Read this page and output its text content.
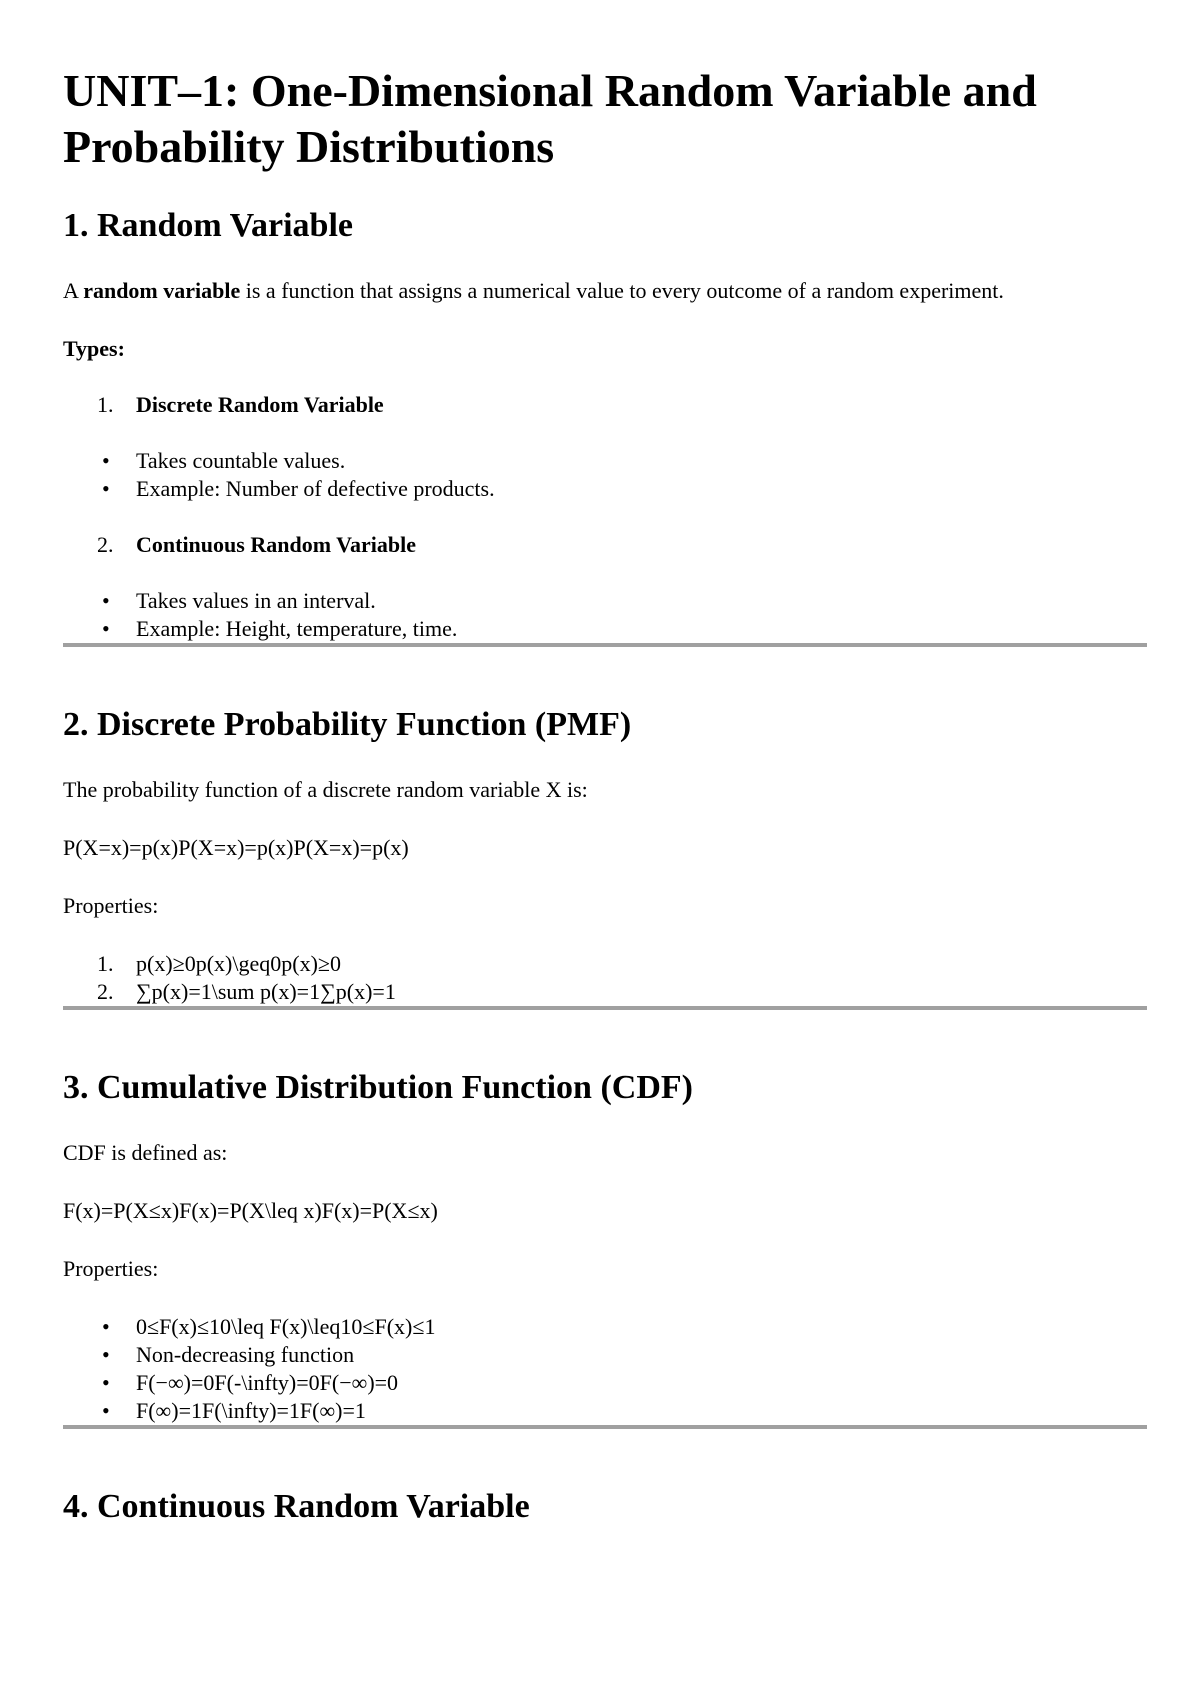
UNIT–1: One-Dimensional Random Variable and Probability Distributions
1. Random Variable

A random variable is a function that assigns a numerical value to every outcome of a random experiment.

Types:

1. Discrete Random Variable
• Takes countable values.
• Example: Number of defective products.
2. Continuous Random Variable
• Takes values in an interval.
• Example: Height, temperature, time.
2. Discrete Probability Function (PMF)

The probability function of a discrete random variable X is:

P(X=x)=p(x)P(X=x)=p(x)P(X=x)=p(x)

Properties:

1. p(x)≥0p(x)\geq0p(x)≥0
2. ∑p(x)=1\sum p(x)=1∑p(x)=1
3. Cumulative Distribution Function (CDF)

CDF is defined as:

F(x)=P(X≤x)F(x)=P(X\leq x)F(x)=P(X≤x)

Properties:

• 0≤F(x)≤10\leq F(x)\leq10≤F(x)≤1
• Non-decreasing function
• F(−∞)=0F(-\infty)=0F(−∞)=0
• F(∞)=1F(\infty)=1F(∞)=1
4. Continuous Random Variable
